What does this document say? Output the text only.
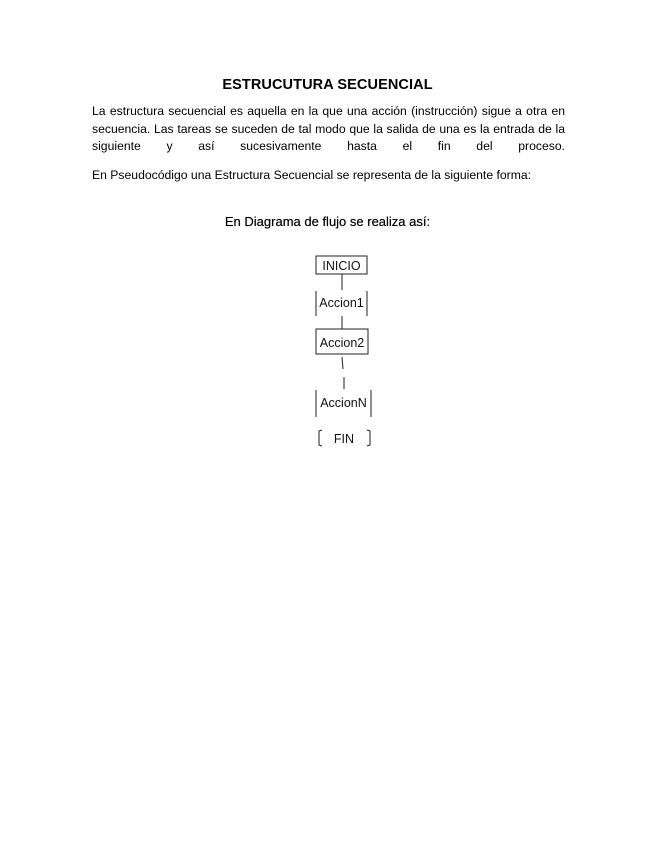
ESTRUCUTURA SECUENCIAL
La estructura secuencial es aquella en la que una acción (instrucción) sigue a otra en secuencia. Las tareas se suceden de tal modo que la salida de una es la entrada de la siguiente y así sucesivamente hasta el fin del proceso.
En Pseudocódigo una Estructura Secuencial se representa de la siguiente forma:
En Diagrama de flujo se realiza así:
INICIO
Accion1
Accion2
AccionN
FIN
